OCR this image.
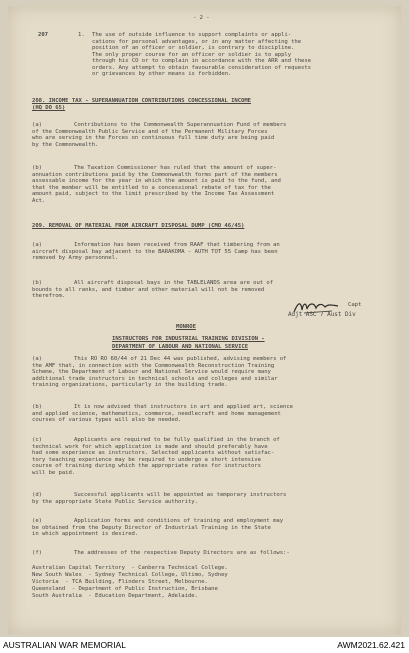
- 2 -
207	1. The use of outside influence to support complaints or appli-
cations for personal advantages, or in any matter affecting the
position of an officer or soldier, is contrary to discipline.
The only proper course for an officer or soldier is to apply
through his CO or to complain in accordance with the ARR and these
orders. Any attempt to obtain favourable consideration of requests
or grievances by other means is forbidden.
208. INCOME TAX - SUPERANNUATION CONTRIBUTIONS CONCESSIONAL INCOME
(HQ DO 65)
(a)	Contributions to the Commonwealth Superannuation Fund of members
of the Commonwealth Public Service and of the Permanent Military Forces
who are serving in the Forces on continuous full time duty are being paid
by the Commonwealth.
(b)	The Taxation Commissioner has ruled that the amount of super-
annuation contributions paid by the Commonwealth forms part of the members
assessable income for the year in which the amount is paid to the fund, and
that the member will be entitled to a concessional rebate of tax for the
amount paid, subject to the limit prescribed by the Income Tax Assessment
Act.
209. REMOVAL OF MATERIAL FROM AIRCRAFT DISPOSAL DUMP (CMO 46/45)
(a)	Information has been received from RAAF that timbering from an
aircraft disposal bay adjacent to the BARAKOMA - AUTH TOT 55 Camp has been
removed by Army personnel.
(b)	All aircraft disposal bays in the TABLELANDS area are out of
bounds to all ranks, and timber and other material will not be removed
therefrom.
Capt
Adjt ASC 7 Aust Div
MONROE
INSTRUCTORS FOR INDUSTRIAL TRAINING DIVISION -
DEPARTMENT OF LABOUR AND NATIONAL SERVICE
(a)	This RO RO 60/44 of 21 Dec 44 was published, advising members of
the AMF that, in connection with the Commonwealth Reconstruction Training
Scheme, the Department of Labour and National Service would require many
additional trade instructors in technical schools and colleges and similar
training organizations, particularly in the building trade.
(b)	It is now advised that instructors in art and applied art, science
and applied science, mathematics, commerce, needlecraft and home management
courses of various types will also be needed.
(c)	Applicants are required to be fully qualified in the branch of
technical work for which application is made and should preferably have
had some experience as instructors. Selected applicants without satisfac-
tory teaching experience may be required to undergo a short intensive
course of training during which the appropriate rates for instructors
will be paid.
(d)	Successful applicants will be appointed as temporary instructors
by the appropriate State Public Service authority.
(e)	Application forms and conditions of training and employment may
be obtained from the Deputy Director of Industrial Training in the State
in which appointment is desired.
(f)	The addresses of the respective Deputy Directors are as follows:-
Australian Capital Territory  - Canberra Technical College.
New South Wales  - Sydney Technical College, Ultimo, Sydney
Victoria  - TCA Building, Flinders Street, Melbourne.
Queensland  - Department of Public Instruction, Brisbane
South Australia  - Education Department, Adelaide.
AUSTRALIAN WAR MEMORIAL	AWM2021.62.421
